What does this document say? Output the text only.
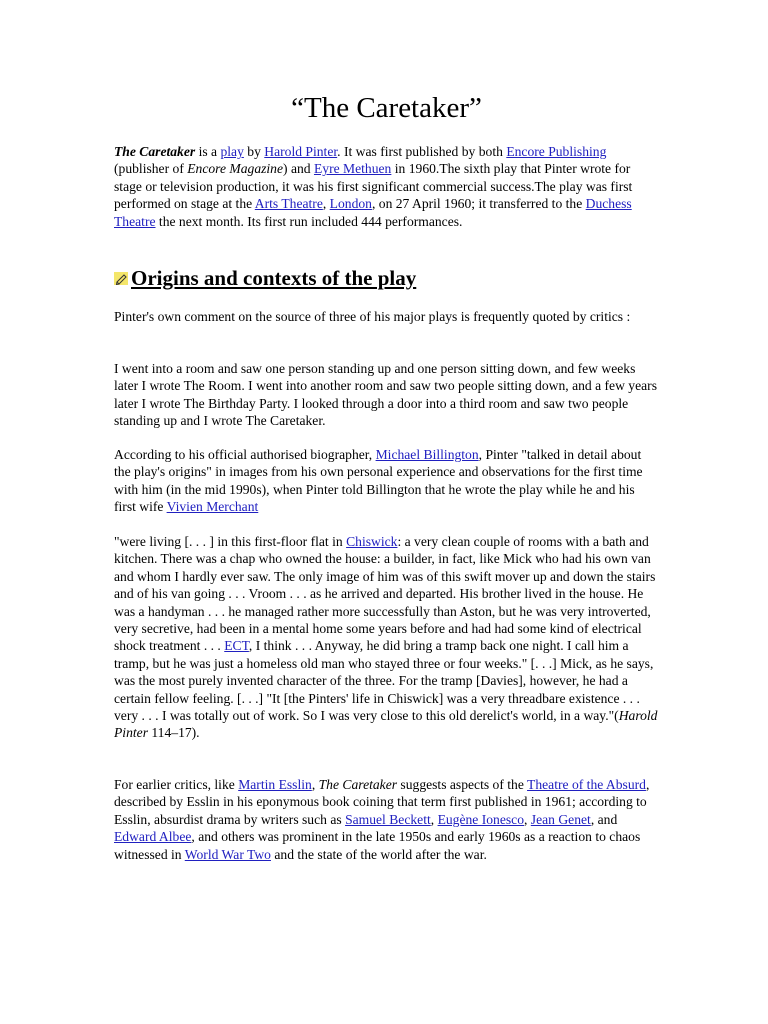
“The Caretaker”

The Caretaker is a play by Harold Pinter. It was first published by both Encore Publishing (publisher of Encore Magazine) and Eyre Methuen in 1960.The sixth play that Pinter wrote for stage or television production, it was his first significant commercial success.The play was first performed on stage at the Arts Theatre, London, on 27 April 1960; it transferred to the Duchess Theatre the next month. Its first run included 444 performances.

Origins and contexts of the play

Pinter's own comment on the source of three of his major plays is frequently quoted by critics :

I went into a room and saw one person standing up and one person sitting down, and few weeks later I wrote The Room. I went into another room and saw two people sitting down, and a few years later I wrote The Birthday Party. I looked through a door into a third room and saw two people standing up and I wrote The Caretaker.

According to his official authorised biographer, Michael Billington, Pinter "talked in detail about the play's origins" in images from his own personal experience and observations for the first time with him (in the mid 1990s), when Pinter told Billington that he wrote the play while he and his first wife Vivien Merchant

"were living [. . . ] in this first-floor flat in Chiswick: a very clean couple of rooms with a bath and kitchen. There was a chap who owned the house: a builder, in fact, like Mick who had his own van and whom I hardly ever saw. The only image of him was of this swift mover up and down the stairs and of his van going . . . Vroom . . . as he arrived and departed. His brother lived in the house. He was a handyman . . . he managed rather more successfully than Aston, but he was very introverted, very secretive, had been in a mental home some years before and had had some kind of electrical shock treatment . . . ECT, I think . . . Anyway, he did bring a tramp back one night. I call him a tramp, but he was just a homeless old man who stayed three or four weeks." [. . .] Mick, as he says, was the most purely invented character of the three. For the tramp [Davies], however, he had a certain fellow feeling. [. . .] "It [the Pinters' life in Chiswick] was a very threadbare existence . . . very . . . I was totally out of work. So I was very close to this old derelict's world, in a way."(Harold Pinter 114–17).

For earlier critics, like Martin Esslin, The Caretaker suggests aspects of the Theatre of the Absurd, described by Esslin in his eponymous book coining that term first published in 1961; according to Esslin, absurdist drama by writers such as Samuel Beckett, Eugène Ionesco, Jean Genet, and Edward Albee, and others was prominent in the late 1950s and early 1960s as a reaction to chaos witnessed in World War Two and the state of the world after the war.
